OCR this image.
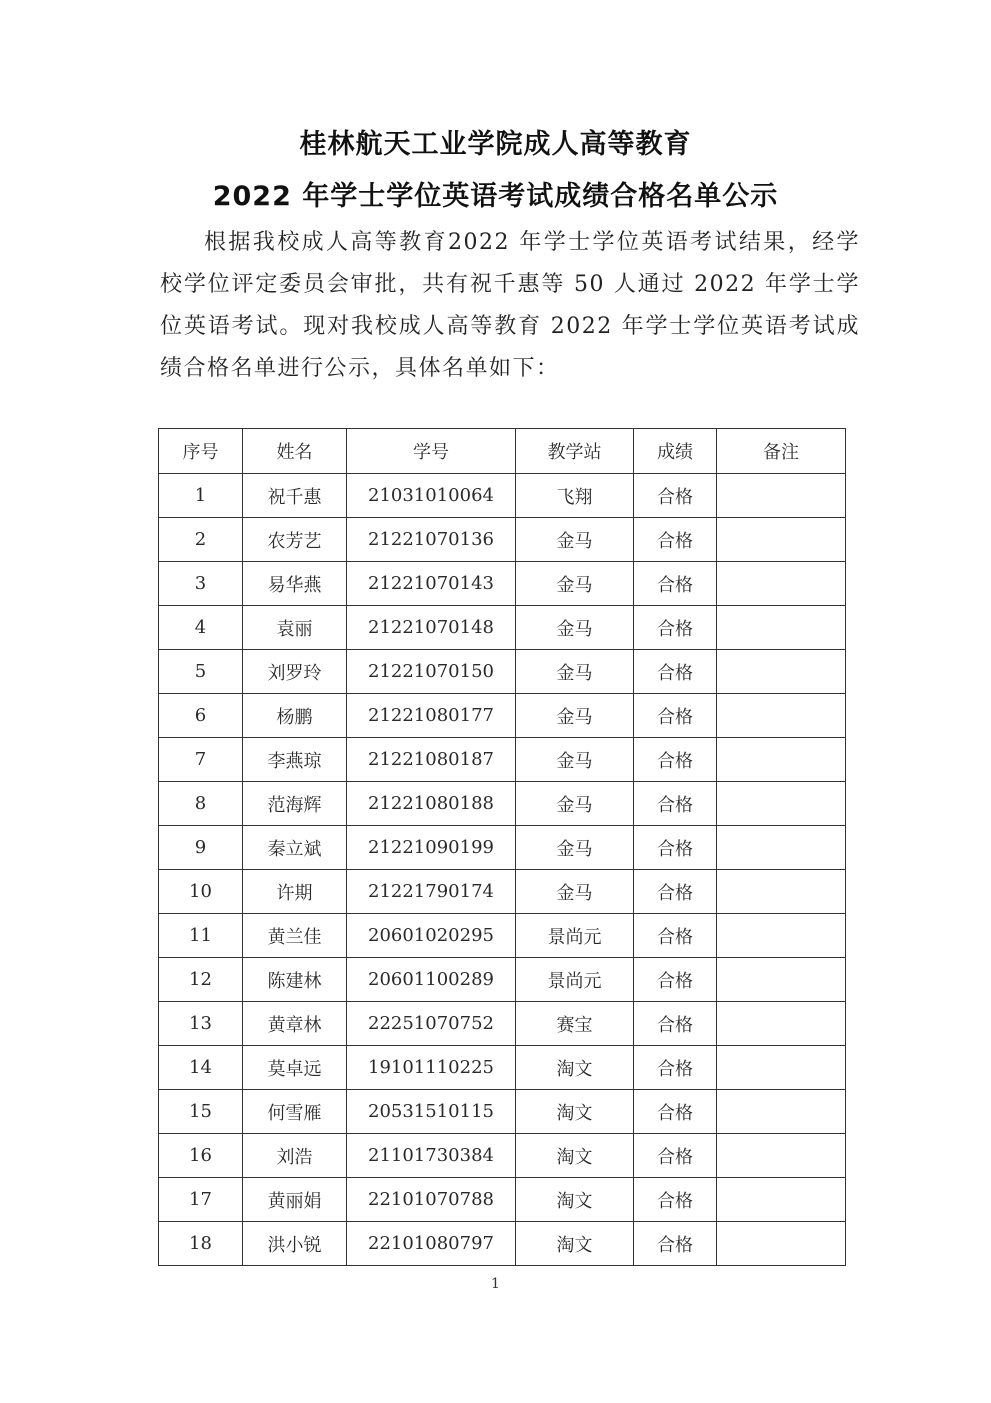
桂林航天工业学院成人高等教育
2022 年学士学位英语考试成绩合格名单公示
根据我校成人高等教育2022 年学士学位英语考试结果，经学校学位评定委员会审批，共有祝千惠等 50 人通过 2022 年学士学位英语考试。现对我校成人高等教育 2022 年学士学位英语考试成绩合格名单进行公示，具体名单如下：
序号	姓名	学号	教学站	成绩	备注
1	祝千惠	21031010064	飞翔	合格	
2	农芳艺	21221070136	金马	合格	
3	易华燕	21221070143	金马	合格	
4	袁丽	21221070148	金马	合格	
5	刘罗玲	21221070150	金马	合格	
6	杨鹏	21221080177	金马	合格	
7	李燕琼	21221080187	金马	合格	
8	范海辉	21221080188	金马	合格	
9	秦立斌	21221090199	金马	合格	
10	许期	21221790174	金马	合格	
11	黄兰佳	20601020295	景尚元	合格	
12	陈建林	20601100289	景尚元	合格	
13	黄章林	22251070752	赛宝	合格	
14	莫卓远	19101110225	淘文	合格	
15	何雪雁	20531510115	淘文	合格	
16	刘浩	21101730384	淘文	合格	
17	黄丽娟	22101070788	淘文	合格	
18	洪小锐	22101080797	淘文	合格	
1
